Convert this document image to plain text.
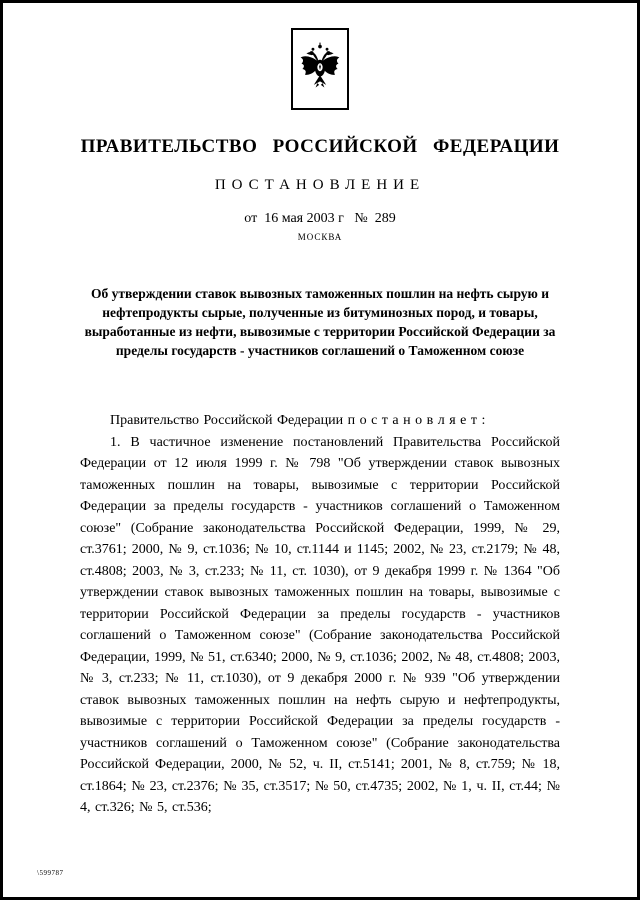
ПРАВИТЕЛЬСТВО РОССИЙСКОЙ ФЕДЕРАЦИИ
ПОСТАНОВЛЕНИЕ
от  16 мая 2003 г   №  289
МОСКВА
Об утверждении ставок вывозных таможенных пошлин на нефть сырую и нефтепродукты сырые, полученные из битуминозных пород, и товары, выработанные из нефти, вывозимые с территории Российской Федерации за пределы государств - участников соглашений о Таможенном союзе

Правительство Российской Федерации п о с т а н о в л я е т :

1. В частичное изменение постановлений Правительства Российской Федерации от 12 июля 1999 г. № 798 "Об утверждении ставок вывозных таможенных пошлин на товары, вывозимые с территории Российской Федерации за пределы государств - участников соглашений о Таможенном союзе" (Собрание законодательства Российской Федерации, 1999, № 29, ст.3761; 2000, № 9, ст.1036; № 10, ст.1144 и 1145; 2002, № 23, ст.2179; № 48, ст.4808; 2003, № 3, ст.233; № 11, ст. 1030), от 9 декабря 1999 г. № 1364 "Об утверждении ставок вывозных таможенных пошлин на товары, вывозимые с территории Российской Федерации за пределы государств - участников соглашений о Таможенном союзе" (Собрание законодательства Российской Федерации, 1999, № 51, ст.6340; 2000, № 9, ст.1036; 2002, № 48, ст.4808; 2003, № 3, ст.233; № 11, ст.1030), от 9 декабря 2000 г. № 939 "Об утверждении ставок вывозных таможенных пошлин на нефть сырую и нефтепродукты, вывозимые с территории Российской Федерации за пределы государств - участников соглашений о Таможенном союзе" (Собрание законодательства Российской Федерации, 2000, № 52, ч. II, ст.5141; 2001, № 8, ст.759; № 18, ст.1864; № 23, ст.2376; № 35, ст.3517; № 50, ст.4735; 2002, № 1, ч. II, ст.44; № 4, ст.326; № 5, ст.536;

\599787
